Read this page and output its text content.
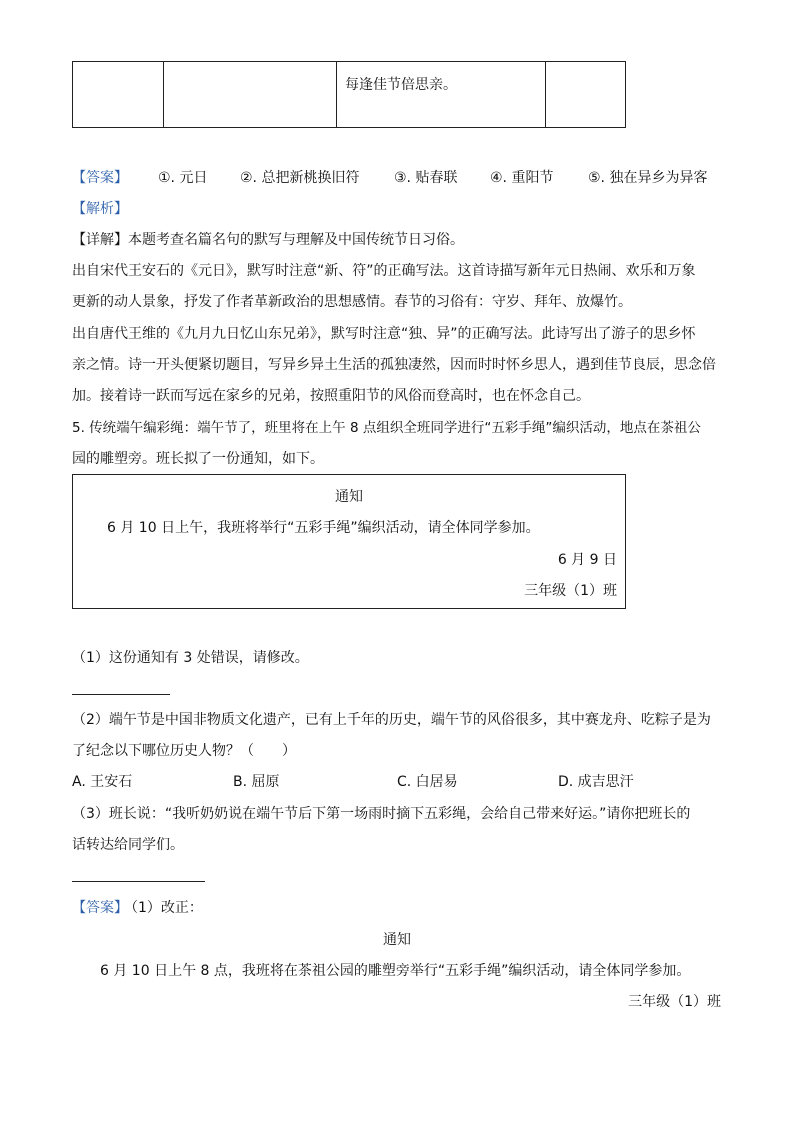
每逢佳节倍思亲。
【答案】 ①. 元日 ②. 总把新桃换旧符 ③. 贴春联 ④. 重阳节 ⑤. 独在异乡为异客
【解析】
【详解】本题考查名篇名句的默写与理解及中国传统节日习俗。
出自宋代王安石的《元日》，默写时注意“新、符”的正确写法。这首诗描写新年元日热闹、欢乐和万象
更新的动人景象，抒发了作者革新政治的思想感情。春节的习俗有：守岁、拜年、放爆竹。
出自唐代王维的《九月九日忆山东兄弟》，默写时注意“独、异”的正确写法。此诗写出了游子的思乡怀
亲之情。诗一开头便紧切题目，写异乡异土生活的孤独凄然，因而时时怀乡思人，遇到佳节良辰，思念倍
加。接着诗一跃而写远在家乡的兄弟，按照重阳节的风俗而登高时，也在怀念自己。
5. 传统端午编彩绳：端午节了，班里将在上午 8 点组织全班同学进行“五彩手绳”编织活动，地点在茶祖公
园的雕塑旁。班长拟了一份通知，如下。
通知
6 月 10 日上午，我班将举行“五彩手绳”编织活动，请全体同学参加。
6 月 9 日
三年级（1）班
（1）这份通知有 3 处错误，请修改。
（2）端午节是中国非物质文化遗产，已有上千年的历史，端午节的风俗很多，其中赛龙舟、吃粽子是为
了纪念以下哪位历史人物？（　　）
A. 王安石	B. 屈原	C. 白居易	D. 成吉思汗
（3）班长说：“我听奶奶说在端午节后下第一场雨时摘下五彩绳，会给自己带来好运。”请你把班长的
话转达给同学们。
【答案】
（1）改正：
通知
6 月 10 日上午 8 点，我班将在茶祖公园的雕塑旁举行“五彩手绳”编织活动，请全体同学参加。
三年级（1）班
